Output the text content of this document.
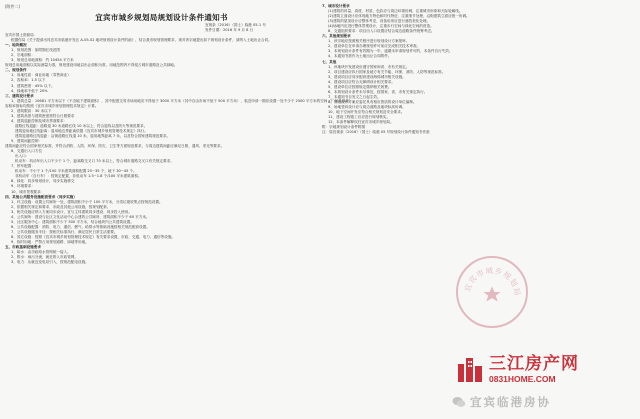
(附件二)
宜宾市城乡规划局规划设计条件通知书
宜规条（2016）（国土）临港 05-1 号
发件日期：2016 年 9 月 8 日
宜宾市国土资源局：
根据你局《关于提请出具宜宾市临港开发区 A-05-02 地块规划设计条件的函》，结合我市规划管理要求，现对该宗地提出如下规划设计条件，请纳入土地出让合同。
一、地块概况
1、规划范围：如附图红线范围
2、宗地面积：
3、规划总用地面积：约 10454 平方米
规划总用地面积以实际测量为准，规划建设用地以出让面积为准，用地范围内不得侵占城市道路及公共绿地。
二、规划条件
1、用地性质：商业用地（零售商业）
2、容积率：1.5 以下
3、建筑密度：45% 以下。
4、绿地率不低于 20%
三、建筑设计要求
1、建筑总量：10681 平方米以下（不含地下建筑面积），其中配建交易市场用地应不得低于 3000 平方米（其中自由市场不低于 500 平方米），临近申请一期应设置一处不少于 2500 平方米的空间（广场及绿地）。
容积率指标均按照《宜宾市城乡规划管理技术规定》计算。
2、建筑限高：30 米以下
3、建筑高度与建筑密度需符合日照要求
4、建筑退距控制及城市界面要求：
道路红线退距：道路退 30 米道路红线 10 米以上，符合退线以及防火等规范要求。
建筑退用地红线距离：退用地边界距离依据《宜宾市城乡规划管理技术规定》执行。
建筑退道路红线退距：沿街道路红线退 10 米，退用地界距离 7 米，以及符合国家建筑规范要求。
5、建筑间距控制：
建筑间距应符合国家相关标准，并符合消防、人防、环保、防灾、卫生等方面规范要求，与周边建筑间距应满足日照、通风、采光等要求。
6、交通出入口方位
出入口：
机动车：机动车出入口不少于 1 个，距离路交叉口 70 米以上，符合城市道路交叉口有关规定要求。
7、停车配置：
机动车：不小于 1 个/100 平米建筑面积配置 25~35 个，地下 30~45 个。
非机动车（自行车）：按规定配置，非机动车 1.5~1.8 个/100 平米建筑面积。
8、绿化：同步规划设计，同步实施移交
9、环境要求：
10、城市景观要求：
四、其他公共服务设施配套要求（同步实施）
1、环卫设施：设置公共厕所一处，建筑面积不小于 100 平方米，分类垃圾收集点按规范设置。
2、依据相关规定和要求，市政及其他公用设施，按规划配套。
3、相关设施应纳入方案同步设计，宜与主体建筑同步建设、同步投入使用。
4、公共厕所：建设与社区文化活动中心合建的公共厕所，建筑面积不少于 60 平方米。
5、社区服务中心：建筑面积不少于 500 平方米，结合地块内公共建筑设置。
6、公共设施配置：消防、电力、通信、燃气、给排水等基础设施按相关规范配套设置。
7、公共设施服务半径：按相关标准执行，满足居民日常生活需要。
8、其它设施：按照《宜宾市城乡规划管理技术规定》有关要求设置，市政、交通、电力、通信等设施。
9、临时用地：严禁占用规划道路、绿地等用地。
五、市政基础设施要求
1、给水：由市政给水管网统一接入。
2、排水：雨污分流，就近排入市政管网。
3、电力：从就近变电站引入，按规范配电设施。
7、城市设计要求
(1)建筑的体量、高度、材质、色彩应与周边环境协调，注重城市形象和天际轮廓线。
(2)建筑立面设计应体现地方特色和时代特征，注重细节处理，沿街建筑立面应统一协调。
(3)建筑的屋顶设计应整体考虑，设备用房应进行遮挡美化处理。
(4)场地内应进行整体景观设计，注重步行空间与绿化空间的营造。
8、交通组织要求：项目出入口设置应结合周边道路条件统筹考虑。
六、其他规划要求
1、该宗地应按照相关程序进行规划设计方案报审。
2、建设单位在申请办理规划许可前应完成相关技术审查。
3、本规划设计条件有效期为一年，逾期未申请规划许可的，本条件自行失效。
4、本通知书需作为土地出让合同附件。
七、其他
1、该地块开发建设应遵守国家和省、市有关规定。
2、项目建设应执行国家及地方有关节能、环保、消防、人防等规范标准。
3、建设项目应同步配套建设海绵城市相关设施。
4、建设项目应符合无障碍设计相关要求。
5、建设单位应按照规定缴纳相关规费。
6、本规划设计条件未尽事宜，按国家、省、市有关规定执行。
7、本通知书自发文之日起生效。
8、规划设计方案应委托具有相应资质的设计单位编制。
9、场地竖向设计应与周边道路及地块标高协调。
10、地下空间开发应符合相关规划及安全要求。
11、建设工程竣工后应进行规划核实。
12、本条件解释权归宜宾市城乡规划局。
附：宗地规划设计条件附图
注：原宜规条（2016）（国土）临港 05 号规划设计条件通知书作废
宜宾市城乡规划局
三江房产网
0831HOME.COM
宜宾临港房协
